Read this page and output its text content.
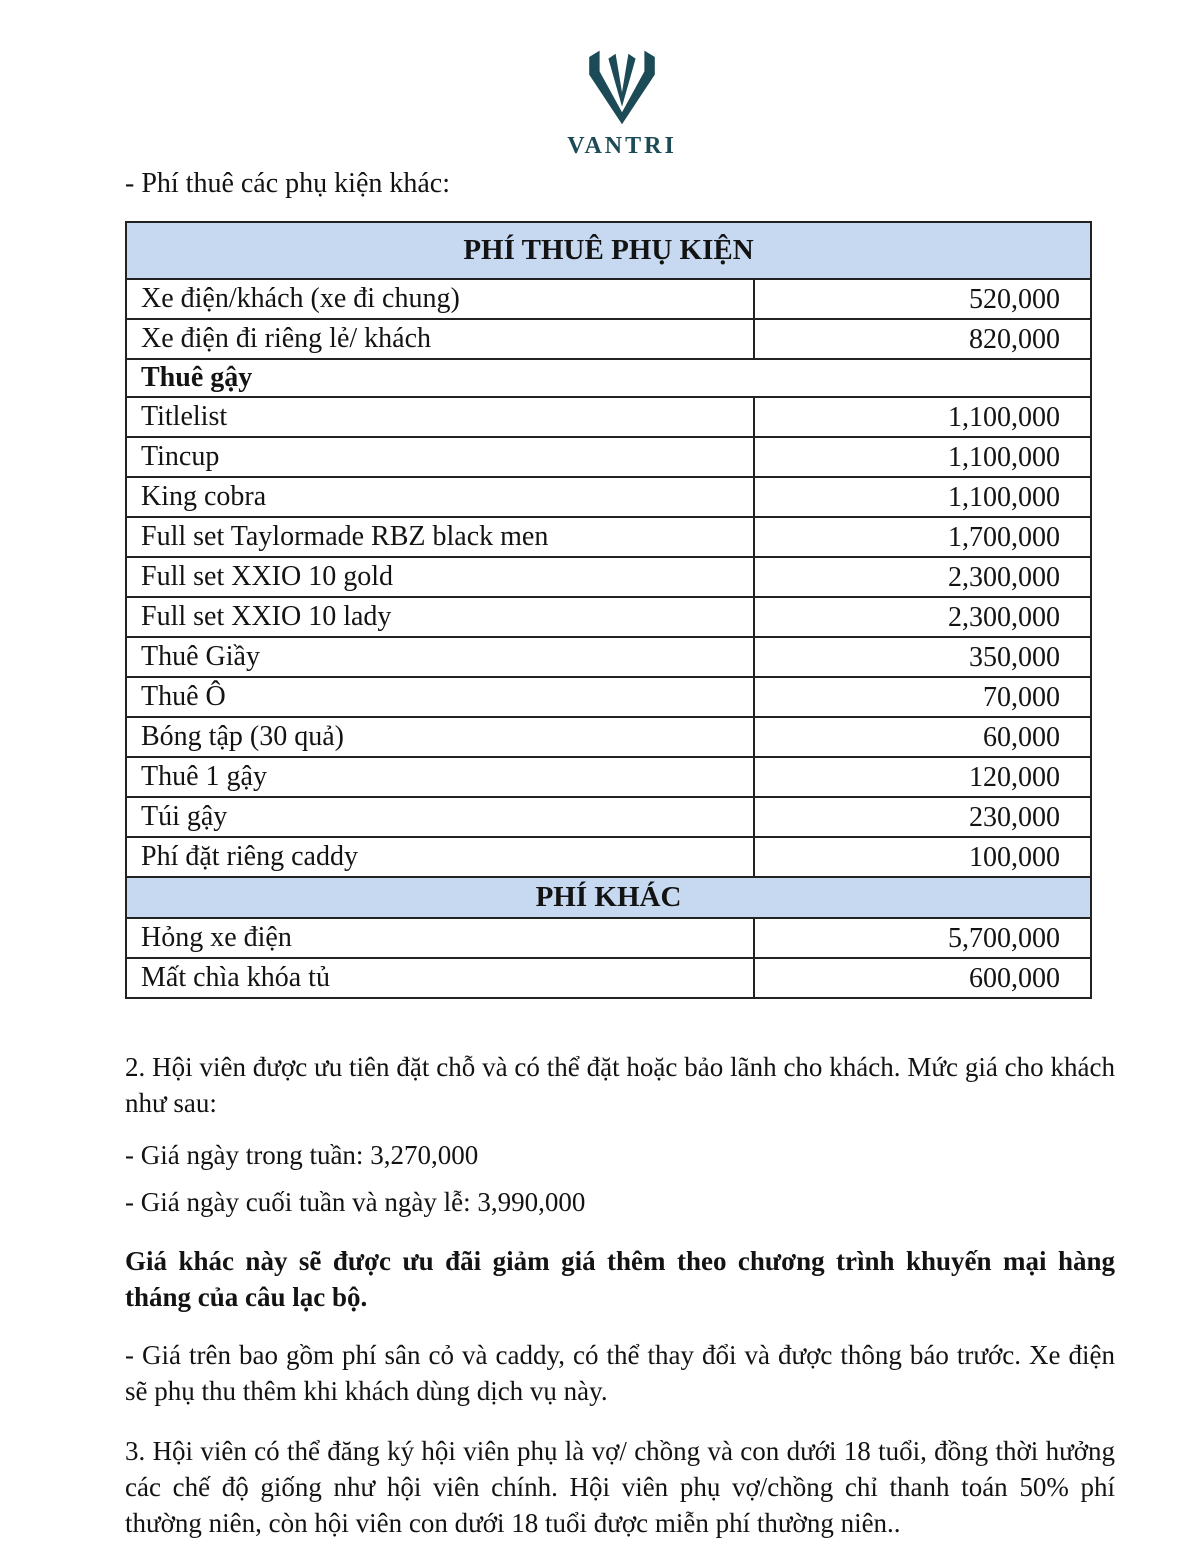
VANTRI

- Phí thuê các phụ kiện khác:

PHÍ THUÊ PHỤ KIỆN	
Xe điện/khách (xe đi chung)	520,000
Xe điện đi riêng lẻ/ khách	820,000
Thuê gậy	
Titlelist	1,100,000
Tincup	1,100,000
King cobra	1,100,000
Full set Taylormade RBZ black men	1,700,000
Full set XXIO 10 gold	2,300,000
Full set XXIO 10 lady	2,300,000
Thuê Giầy	350,000
Thuê Ô	70,000
Bóng tập (30 quả)	60,000
Thuê 1 gậy	120,000
Túi gậy	230,000
Phí đặt riêng caddy	100,000
PHÍ KHÁC	
Hỏng xe điện	5,700,000
Mất chìa khóa tủ	600,000

2. Hội viên được ưu tiên đặt chỗ và có thể đặt hoặc bảo lãnh cho khách. Mức giá cho khách như sau:

- Giá ngày trong tuần: 3,270,000

- Giá ngày cuối tuần và ngày lễ: 3,990,000

Giá khác này sẽ được ưu đãi giảm giá thêm theo chương trình khuyến mại hàng tháng của câu lạc bộ.

- Giá trên bao gồm phí sân cỏ và caddy, có thể thay đổi và được thông báo trước. Xe điện sẽ phụ thu thêm khi khách dùng dịch vụ này.

3. Hội viên có thể đăng ký hội viên phụ là vợ/ chồng và con dưới 18 tuổi, đồng thời hưởng các chế độ giống như hội viên chính. Hội viên phụ vợ/chồng chỉ thanh toán 50% phí thường niên, còn hội viên con dưới 18 tuổi được miễn phí thường niên..
